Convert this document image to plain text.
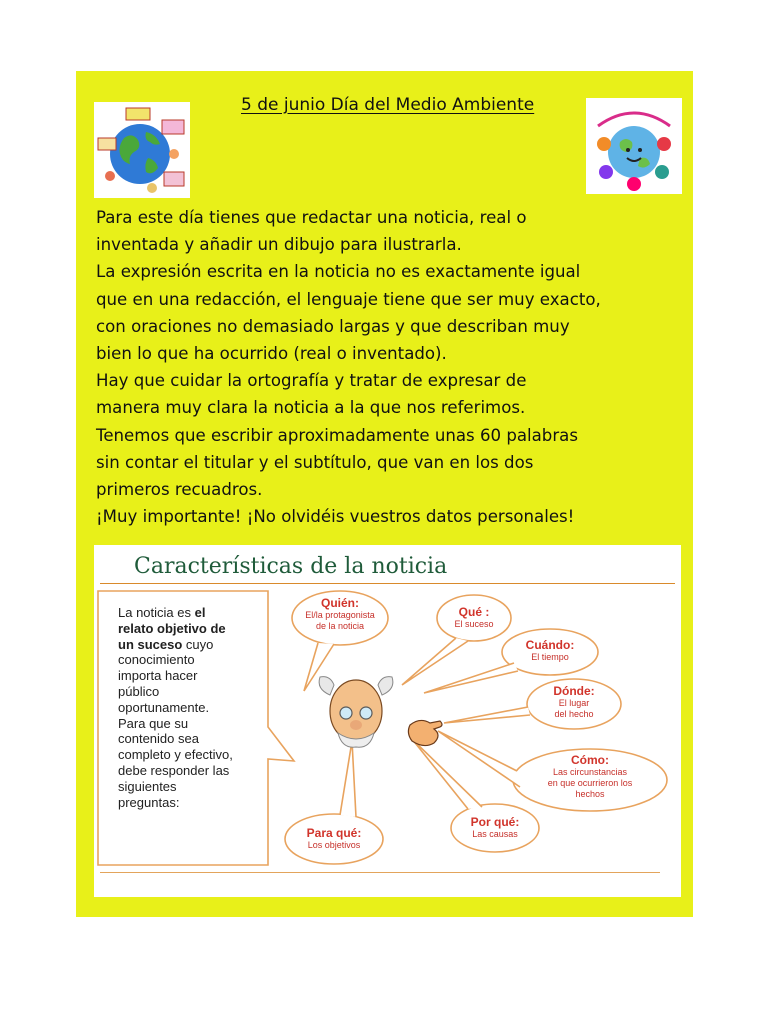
5 de junio Día del Medio Ambiente
Para este día tienes que redactar una noticia, real o
inventada y añadir un dibujo para ilustrarla.
La expresión escrita en la noticia no es exactamente igual
que en una redacción, el lenguaje tiene que ser muy exacto,
con oraciones no demasiado largas y que describan muy
bien lo que ha ocurrido (real o inventado).
Hay que cuidar la ortografía y tratar de expresar de
manera muy clara la noticia a la que nos referimos.
Tenemos que escribir aproximadamente unas 60 palabras
sin contar el titular y el subtítulo, que van en los dos
primeros recuadros.
¡Muy importante! ¡No olvidéis vuestros datos personales!
Características de la noticia
La noticia es el
relato objetivo de
un suceso cuyo
conocimiento
importa hacer
público
oportunamente.
Para que su
contenido sea
completo y efectivo,
debe responder las
siguientes
preguntas:
Quién:
El/la protagonista
de la noticia
Qué :
El suceso
Cuándo:
El tiempo
Dónde:
El lugar
del hecho
Cómo:
Las circunstancias
en que ocurrieron los
hechos
Por qué:
Las causas
Para qué:
Los objetivos
